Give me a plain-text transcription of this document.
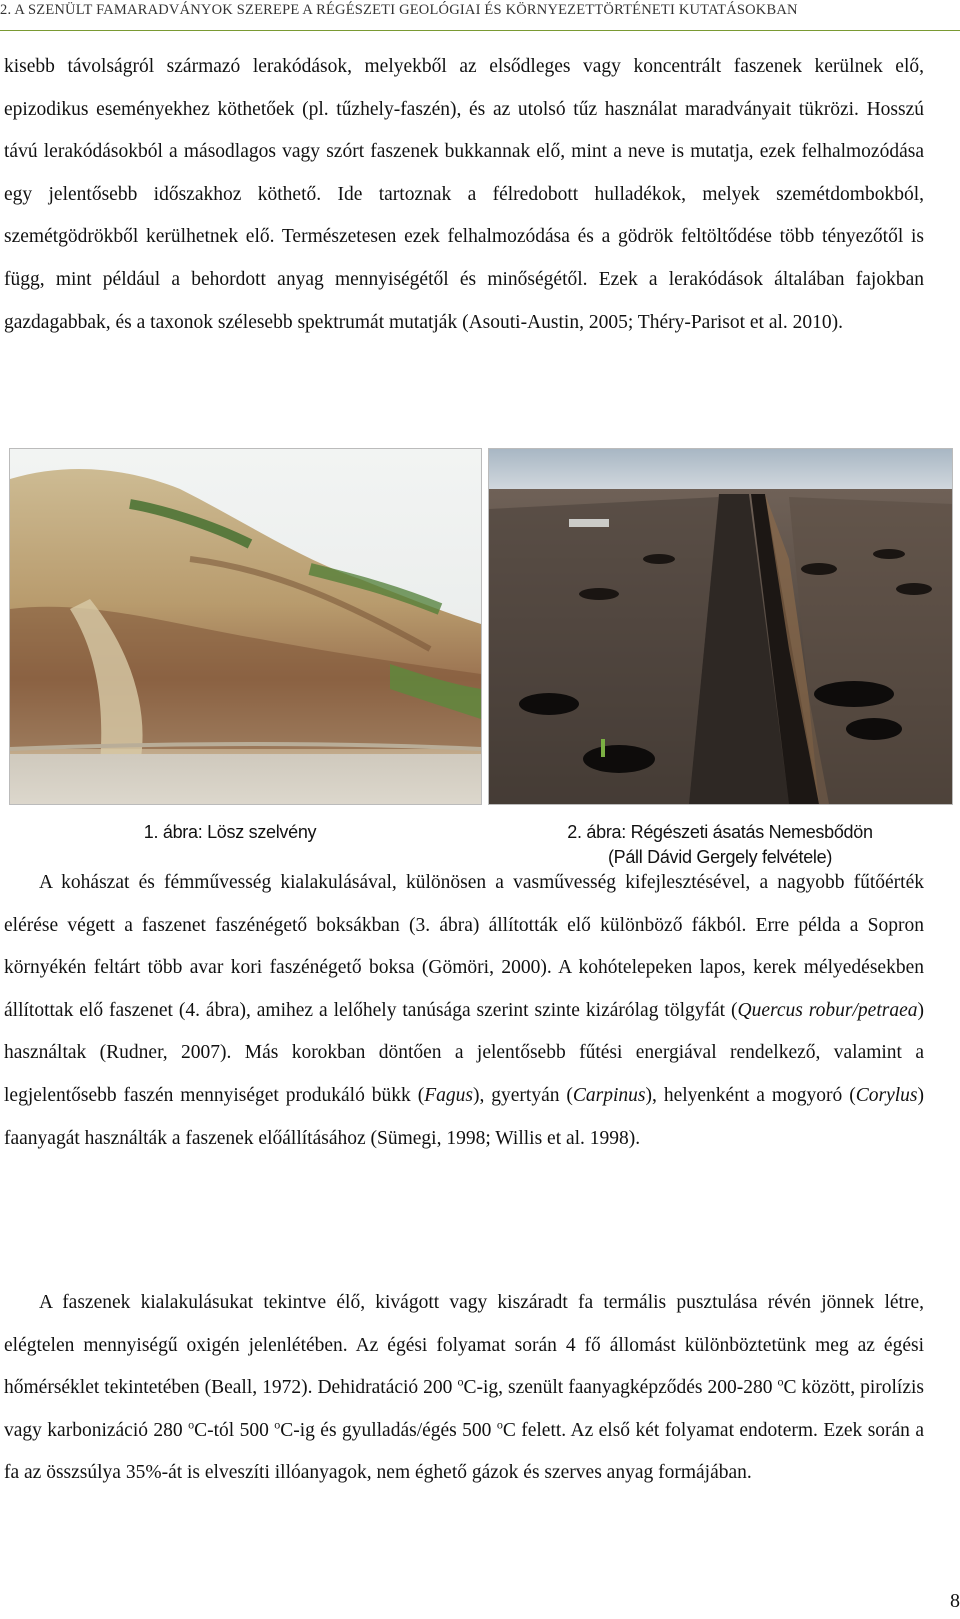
2. A SZENÜLT FAMARADVÁNYOK SZEREPE A RÉGÉSZETI GEOLÓGIAI ÉS KÖRNYEZETTÖRTÉNETI KUTATÁSOKBAN

kisebb távolságról származó lerakódások, melyekből az elsődleges vagy koncentrált faszenek kerülnek elő, epizodikus eseményekhez köthetőek (pl. tűzhely-faszén), és az utolsó tűz használat maradványait tükrözi. Hosszú távú lerakódásokból a másodlagos vagy szórt faszenek bukkannak elő, mint a neve is mutatja, ezek felhalmozódása egy jelentősebb időszakhoz köthető. Ide tartoznak a félredobott hulladékok, melyek szemétdombokból, szemétgödrökből kerülhetnek elő. Természetesen ezek felhalmozódása és a gödrök feltöltődése több tényezőtől is függ, mint például a behordott anyag mennyiségétől és minőségétől. Ezek a lerakódások általában fajokban gazdagabbak, és a taxonok szélesebb spektrumát mutatják (Asouti-Austin, 2005; Théry-Parisot et al. 2010).

1. ábra: Lösz szelvény	2. ábra: Régészeti ásatás Nemesbődön
(Páll Dávid Gergely felvétele)

A kohászat és fémművesség kialakulásával, különösen a vasművesség kifejlesztésével, a nagyobb fűtőérték elérése végett a faszenet faszénégető boksákban (3. ábra) állították elő különböző fákból. Erre példa a Sopron környékén feltárt több avar kori faszénégető boksa (Gömöri, 2000). A kohótelepeken lapos, kerek mélyedésekben állítottak elő faszenet (4. ábra), amihez a lelőhely tanúsága szerint szinte kizárólag tölgyfát (Quercus robur/petraea) használtak (Rudner, 2007). Más korokban döntően a jelentősebb fűtési energiával rendelkező, valamint a legjelentősebb faszén mennyiséget produkáló bükk (Fagus), gyertyán (Carpinus), helyenként a mogyoró (Corylus) faanyagát használták a faszenek előállításához (Sümegi, 1998; Willis et al. 1998).

A faszenek kialakulásukat tekintve élő, kivágott vagy kiszáradt fa termális pusztulása révén jönnek létre, elégtelen mennyiségű oxigén jelenlétében. Az égési folyamat során 4 fő állomást különböztetünk meg az égési hőmérséklet tekintetében (Beall, 1972). Dehidratáció 200 $^o$C-ig, szenült faanyagképződés 200-280 $^o$C között, pirolízis vagy karbonizáció 280 $^o$C-tól 500 $^o$C-ig és gyulladás/égés 500 $^o$C felett. Az első két folyamat endoterm. Ezek során a fa az összsúlya 35%-át is elveszíti illóanyagok, nem éghető gázok és szerves anyag formájában.

8
